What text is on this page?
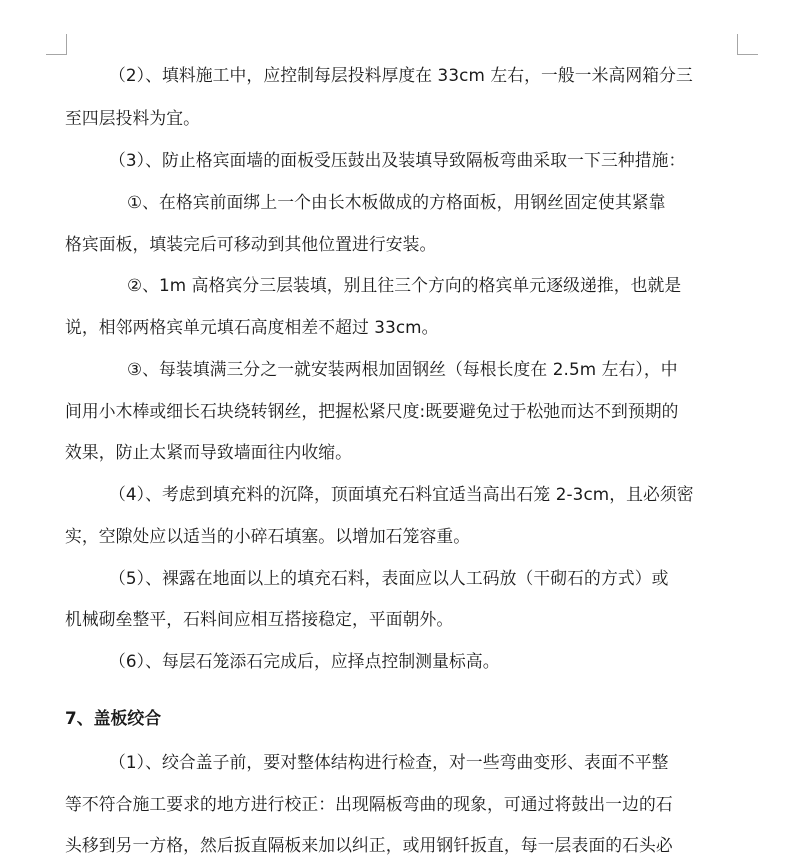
（2）、填料施工中，应控制每层投料厚度在 33cm 左右，一般一米高网箱分三
至四层投料为宜。
（3）、防止格宾面墙的面板受压鼓出及装填导致隔板弯曲采取一下三种措施：
①、在格宾前面绑上一个由长木板做成的方格面板，用钢丝固定使其紧靠
格宾面板，填装完后可移动到其他位置进行安装。
②、1m 高格宾分三层装填，别且往三个方向的格宾单元逐级递推，也就是
说，相邻两格宾单元填石高度相差不超过 33cm。
③、每装填满三分之一就安装两根加固钢丝（每根长度在 2.5m 左右），中
间用小木棒或细长石块绕转钢丝，把握松紧尺度:既要避免过于松弛而达不到预期的
效果，防止太紧而导致墙面往内收缩。
（4）、考虑到填充料的沉降，顶面填充石料宜适当高出石笼 2-3cm，且必须密
实，空隙处应以适当的小碎石填塞。以增加石笼容重。
（5）、裸露在地面以上的填充石料，表面应以人工码放（干砌石的方式）或
机械砌垒整平，石料间应相互搭接稳定，平面朝外。
（6）、每层石笼添石完成后，应择点控制测量标高。
7、盖板绞合
（1）、绞合盖子前，要对整体结构进行检查，对一些弯曲变形、表面不平整
等不符合施工要求的地方进行校正：出现隔板弯曲的现象，可通过将鼓出一边的石
头移到另一方格，然后扳直隔板来加以纠正，或用钢钎扳直，每一层表面的石头必
